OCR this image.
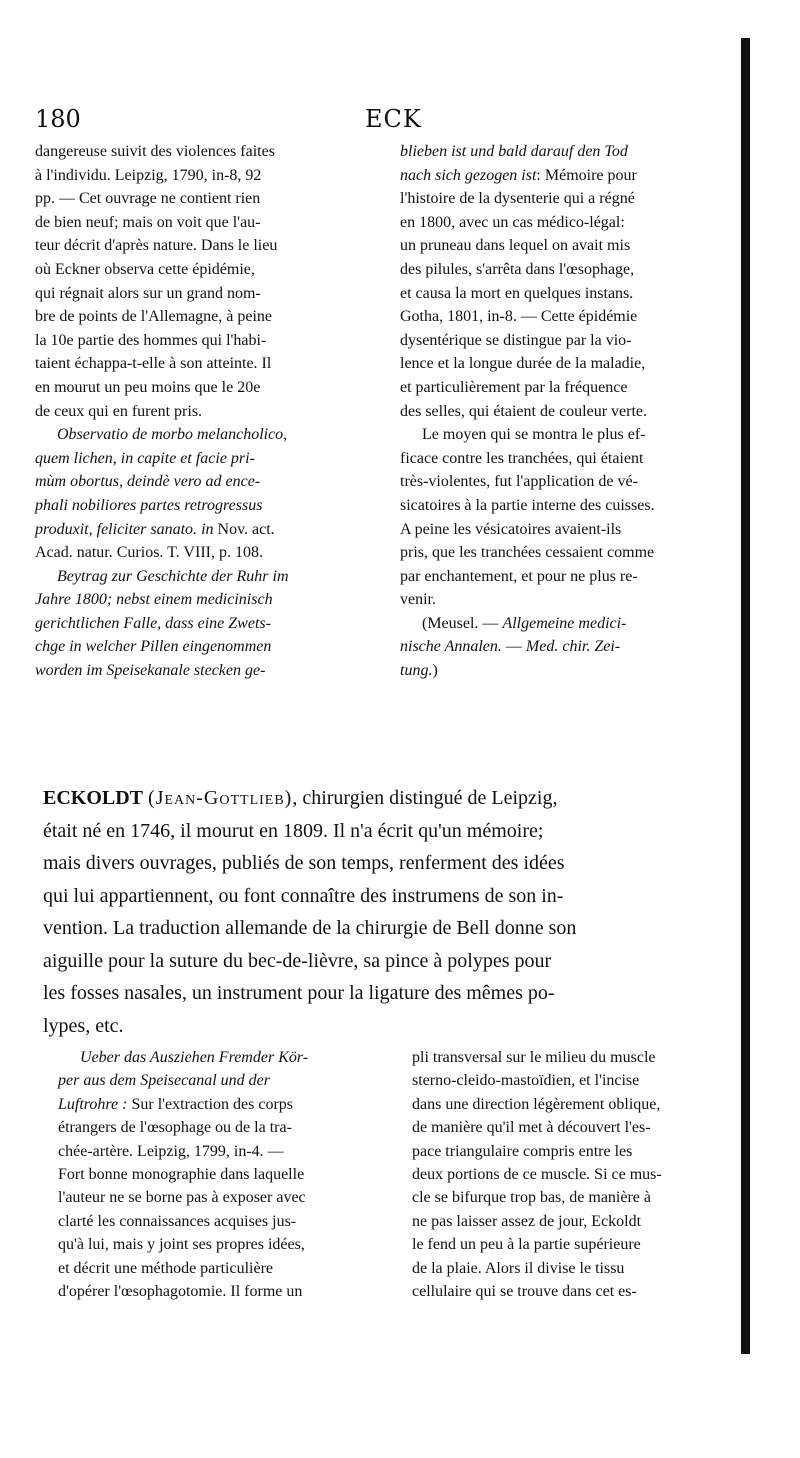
180	ECK

dangereuse suivit des violences faites
à l'individu. Leipzig, 1790, in-8, 92
pp. — Cet ouvrage ne contient rien
de bien neuf; mais on voit que l'au-
teur décrit d'après nature. Dans le lieu
où Eckner observa cette épidémie,
qui régnait alors sur un grand nom-
bre de points de l'Allemagne, à peine
la 10e partie des hommes qui l'habi-
taient échappa-t-elle à son atteinte. Il
en mourut un peu moins que le 20e
de ceux qui en furent pris.

Observatio de morbo melancholico,
quem lichen, in capite et facie pri-
mùm obortus, deindè vero ad ence-
phali nobiliores partes retrogressus
produxit, feliciter sanato. in Nov. act.
Acad. natur. Curios. T. VIII, p. 108.

Beytrag zur Geschichte der Ruhr im
Jahre 1800; nebst einem medicinisch
gerichtlichen Falle, dass eine Zwets-
chge in welcher Pillen eingenommen
worden im Speisekanale stecken ge-

blieben ist und bald darauf den Tod
nach sich gezogen ist: Mémoire pour
l'histoire de la dysenterie qui a régné
en 1800, avec un cas médico-légal:
un pruneau dans lequel on avait mis
des pilules, s'arrêta dans l'œsophage,
et causa la mort en quelques instans.
Gotha, 1801, in-8. — Cette épidémie
dysentérique se distingue par la vio-
lence et la longue durée de la maladie,
et particulièrement par la fréquence
des selles, qui étaient de couleur verte.

Le moyen qui se montra le plus ef-
ficace contre les tranchées, qui étaient
très-violentes, fut l'application de vé-
sicatoires à la partie interne des cuisses.
A peine les vésicatoires avaient-ils
pris, que les tranchées cessaient comme
par enchantement, et pour ne plus re-
venir.

(Meusel. — Allgemeine medici-
nische Annalen. — Med. chir. Zei-
tung.)

ECKOLDT (Jean-Gottlieb), chirurgien distingué de Leipzig,
était né en 1746, il mourut en 1809. Il n'a écrit qu'un mémoire;
mais divers ouvrages, publiés de son temps, renferment des idées
qui lui appartiennent, ou font connaître des instrumens de son in-
vention. La traduction allemande de la chirurgie de Bell donne son
aiguille pour la suture du bec-de-lièvre, sa pince à polypes pour
les fosses nasales, un instrument pour la ligature des mêmes po-
lypes, etc.

Ueber das Ausziehen Fremder Kör-
per aus dem Speisecanal und der
Luftrohre : Sur l'extraction des corps
étrangers de l'œsophage ou de la tra-
chée-artère. Leipzig, 1799, in-4. —
Fort bonne monographie dans laquelle
l'auteur ne se borne pas à exposer avec
clarté les connaissances acquises jus-
qu'à lui, mais y joint ses propres idées,
et décrit une méthode particulière
d'opérer l'œsophagotomie. Il forme un

pli transversal sur le milieu du muscle
sterno-cleido-mastoïdien, et l'incise
dans une direction légèrement oblique,
de manière qu'il met à découvert l'es-
pace triangulaire compris entre les
deux portions de ce muscle. Si ce mus-
cle se bifurque trop bas, de manière à
ne pas laisser assez de jour, Eckoldt
le fend un peu à la partie supérieure
de la plaie. Alors il divise le tissu
cellulaire qui se trouve dans cet es-
